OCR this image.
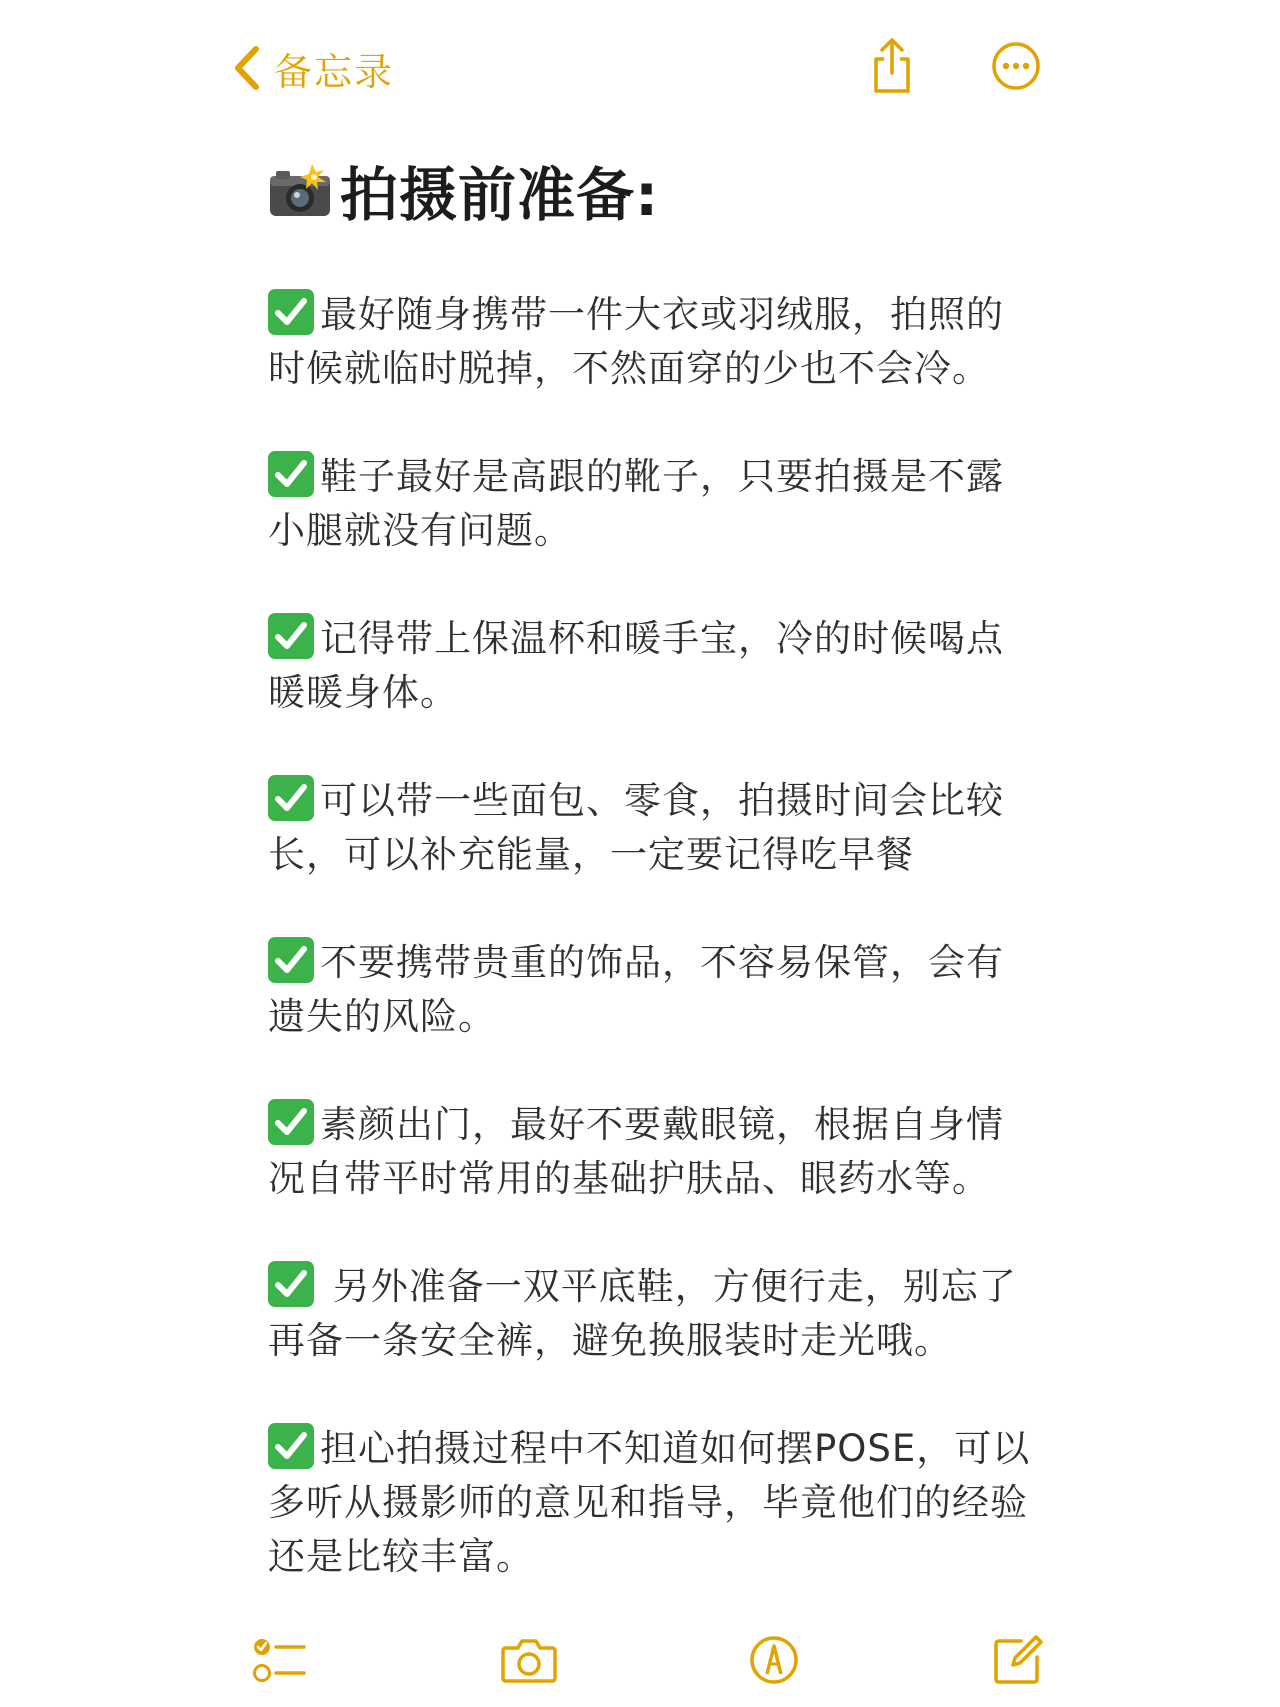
备忘录
拍摄前准备:

最好随身携带一件大衣或羽绒服，拍照的时候就临时脱掉，不然面穿的少也不会冷。

鞋子最好是高跟的靴子，只要拍摄是不露小腿就没有问题。

记得带上保温杯和暖手宝，冷的时候喝点暖暖身体。

可以带一些面包、零食，拍摄时间会比较长，可以补充能量，一定要记得吃早餐

不要携带贵重的饰品，不容易保管，会有遗失的风险。

素颜出门，最好不要戴眼镜，根据自身情况自带平时常用的基础护肤品、眼药水等。

另外准备一双平底鞋，方便行走，别忘了再备一条安全裤，避免换服装时走光哦。

担心拍摄过程中不知道如何摆POSE，可以多听从摄影师的意见和指导，毕竟他们的经验还是比较丰富。
